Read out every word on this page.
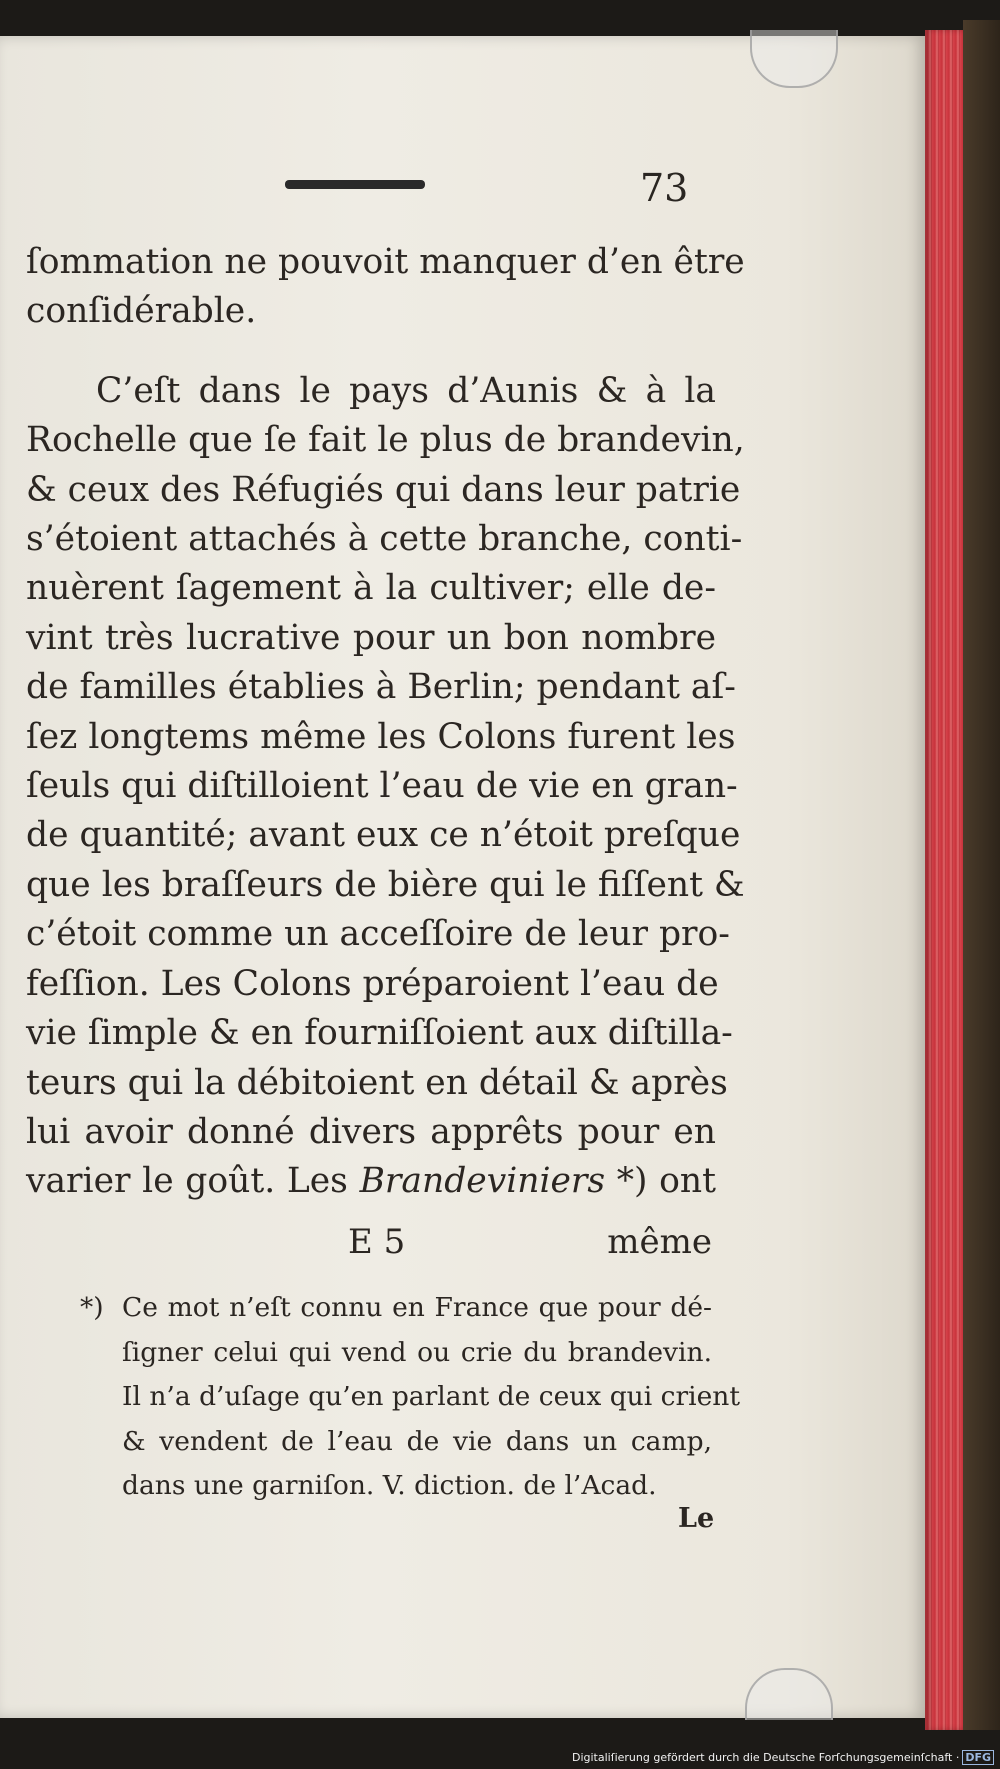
73
ſommation ne pouvoit manquer d’en être
conſidérable.
C’eſt dans le pays d’Aunis & à la
Rochelle que ſe fait le plus de brandevin,
& ceux des Réfugiés qui dans leur patrie
s’étoient attachés à cette branche, conti-
nuèrent ſagement à la cultiver; elle de-
vint très lucrative pour un bon nombre
de familles établies à Berlin; pendant aſ-
ſez longtems même les Colons furent les
ſeuls qui diſtilloient l’eau de vie en gran-
de quantité; avant eux ce n’étoit preſque
que les braſſeurs de bière qui le fiſſent &
c’étoit comme un acceſſoire de leur pro-
feſſion. Les Colons préparoient l’eau de
vie ſimple & en fourniſſoient aux diſtilla-
teurs qui la débitoient en détail & après
lui avoir donné divers apprêts pour en
varier le goût. Les Brandeviniers *) ont
E 5	même
*) Ce mot n’eſt connu en France que pour dé-
ſigner celui qui vend ou crie du brandevin.
Il n’a d’uſage qu’en parlant de ceux qui crient
& vendent de l’eau de vie dans un camp,
dans une garniſon. V. diction. de l’Acad.
Le
Digitaliſierung gefördert durch die Deutsche Forſchungsgemeinſchaft · DFG
